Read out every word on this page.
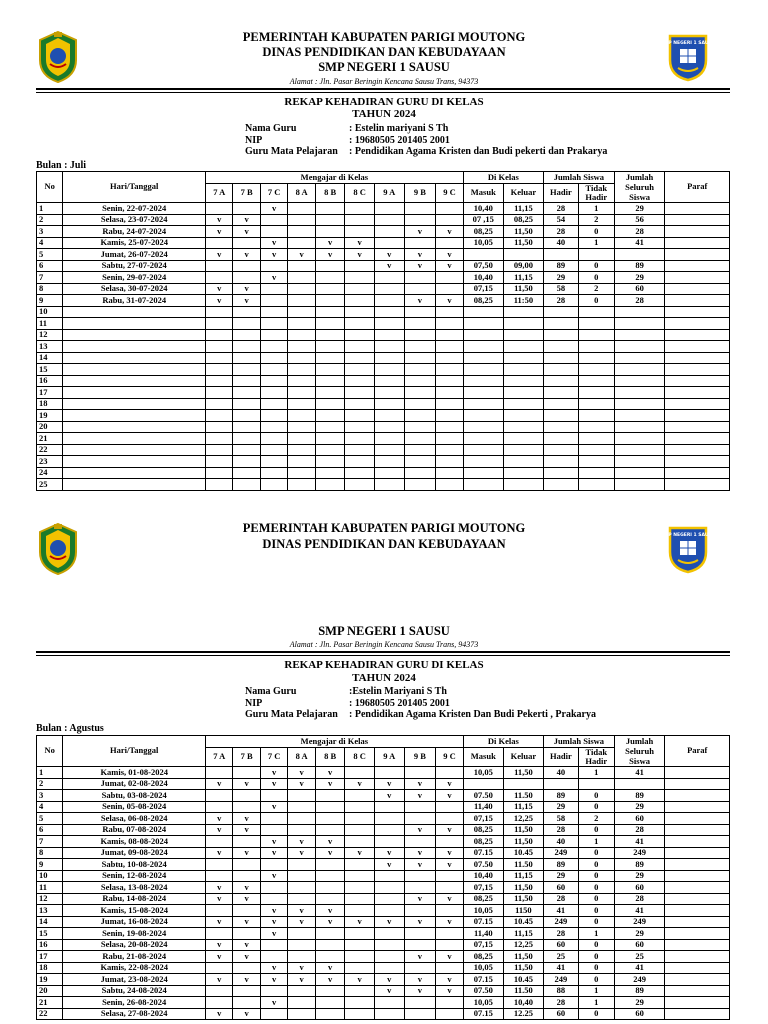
SMP NEGERI 1 SAUSU
PEMERINTAH KABUPATEN PARIGI MOUTONG
DINAS PENDIDIKAN DAN KEBUDAYAAN
SMP NEGERI 1 SAUSU
Alamat : Jln. Pasar Beringin Kencana Sausu Trans, 94373
REKAP KEHADIRAN GURU DI KELAS
TAHUN 2024
Nama Guru	: Estelin mariyani S Th
NIP	: 19680505 201405 2001
Guru Mata Pelajaran	: Pendidikan Agama Kristen dan Budi pekerti dan Prakarya
Bulan : Juli
No	Hari/Tanggal	Mengajar di Kelas									Di Kelas		Jumlah Siswa		Jumlah Seluruh Siswa	Paraf
		7 A	7 B	7 C	8 A	8 B	8 C	9 A	9 B	9 C	Masuk	Keluar	Hadir	Tidak Hadir		
1	Senin, 22-07-2024			v							10,40	11,15	28	1	29	
2	Selasa, 23-07-2024	v	v								07 ,15	08,25	54	2	56	
3	Rabu, 24-07-2024	v	v						v	v	08,25	11,50	28	0	28	
4	Kamis, 25-07-2024			v		v	v				10,05	11,50	40	1	41	
5	Jumat, 26-07-2024	v	v	v	v	v	v	v	v	v						
6	Sabtu, 27-07-2024							v	v	v	07,50	09,00	89	0	89	
7	Senin, 29-07-2024			v							10,40	11,15	29	0	29	
8	Selasa, 30-07-2024	v	v								07,15	11,50	58	2	60	
9	Rabu, 31-07-2024	v	v						v	v	08,25	11:50	28	0	28	
10																
11																
12																
13																
14																
15																
16																
17																
18																
19																
20																
21																
22																
23																
24																
25																
SMP NEGERI 1 SAUSU
PEMERINTAH KABUPATEN PARIGI MOUTONG
DINAS PENDIDIKAN DAN KEBUDAYAAN
SMP NEGERI 1 SAUSU
Alamat : Jln. Pasar Beringin Kencana Sausu Trans, 94373
REKAP KEHADIRAN GURU DI KELAS
TAHUN 2024
Nama Guru	:Estelin Mariyani S Th
NIP	: 19680505 201405 2001
Guru Mata Pelajaran	: Pendidikan Agama Kristen Dan Budi Pekerti , Prakarya
Bulan : Agustus
No	Hari/Tanggal	Mengajar di Kelas									Di Kelas		Jumlah Siswa		Jumlah Seluruh Siswa	Paraf
		7 A	7 B	7 C	8 A	8 B	8 C	9 A	9 B	9 C	Masuk	Keluar	Hadir	Tidak Hadir		
1	Kamis, 01-08-2024			v	v	v					10,05	11,50	40	1	41	
2	Jumat, 02-08-2024	v	v	v	v	v	v	v	v	v						
3	Sabtu, 03-08-2024							v	v	v	07.50	11.50	89	0	89	
4	Senin, 05-08-2024			v							11,40	11,15	29	0	29	
5	Selasa, 06-08-2024	v	v								07,15	12,25	58	2	60	
6	Rabu, 07-08-2024	v	v						v	v	08,25	11,50	28	0	28	
7	Kamis, 08-08-2024			v	v	v					08,25	11,50	40	1	41	
8	Jumat, 09-08-2024	v	v	v	v	v	v	v	v	v	07.15	10.45	249	0	249	
9	Sabtu, 10-08-2024							v	v	v	07.50	11.50	89	0	89	
10	Senin, 12-08-2024			v							10,40	11,15	29	0	29	
11	Selasa, 13-08-2024	v	v								07,15	11,50	60	0	60	
12	Rabu, 14-08-2024	v	v						v	v	08,25	11,50	28	0	28	
13	Kamis, 15-08-2024			v	v	v					10,05	1150	41	0	41	
14	Jumat, 16-08-2024	v	v	v	v	v	v	v	v	v	07.15	10.45	249	0	249	
15	Senin, 19-08-2024			v							11,40	11,15	28	1	29	
16	Selasa, 20-08-2024	v	v								07,15	12,25	60	0	60	
17	Rabu, 21-08-2024	v	v						v	v	08,25	11,50	25	0	25	
18	Kamis, 22-08-2024			v	v	v					10,05	11,50	41	0	41	
19	Jumat, 23-08-2024	v	v	v	v	v	v	v	v	v	07.15	10.45	249	0	249	
20	Sabtu, 24-08-2024							v	v	v	07.50	11.50	88	1	89	
21	Senin, 26-08-2024			v							10,05	10,40	28	1	29	
22	Selasa, 27-08-2024	v	v								07.15	12.25	60	0	60	
